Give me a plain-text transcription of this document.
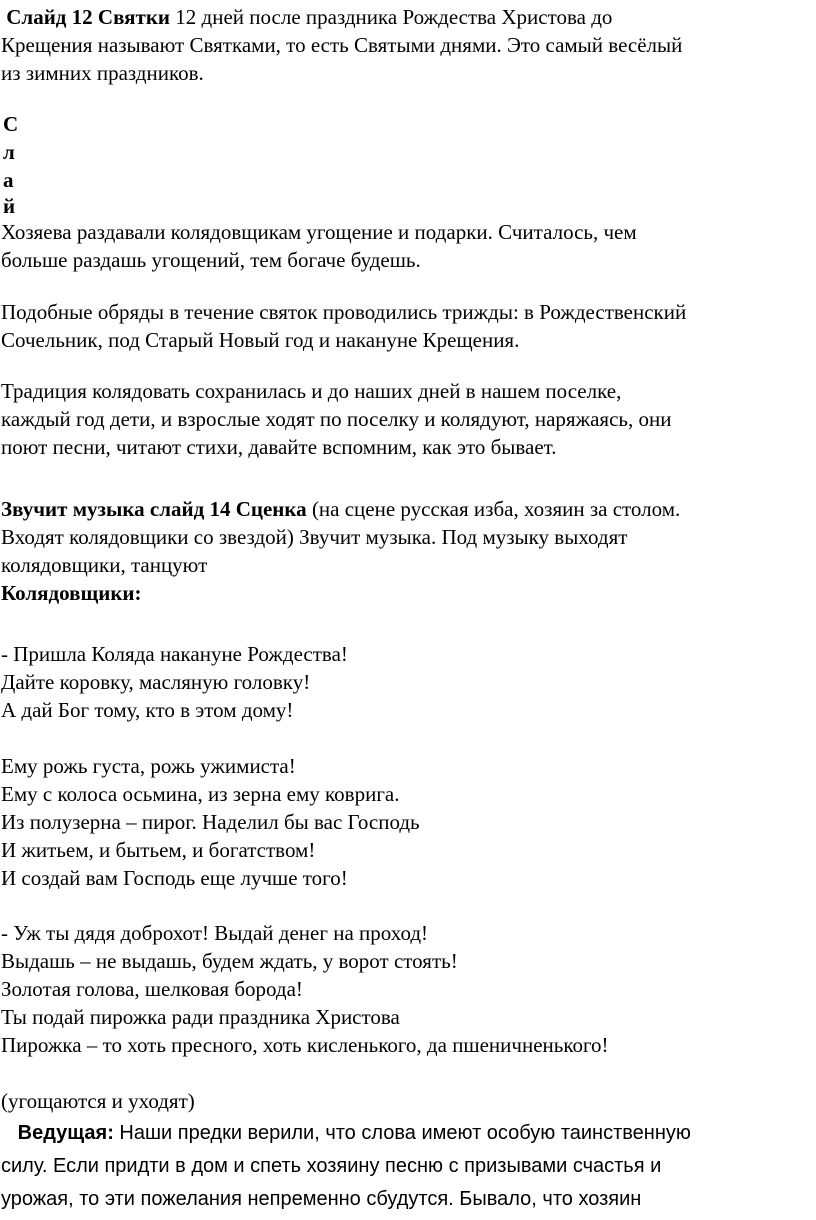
Слайд 12 Святки 12 дней после праздника Рождества Христова до
Крещения называют Святками, то есть Святыми днями. Это самый весёлый
из зимних праздников.
С
л
а
й
Хозяева раздавали колядовщикам угощение и подарки. Считалось, чем
больше раздашь угощений, тем богаче будешь.
Подобные обряды в течение святок проводились трижды: в Рождественский
Сочельник, под Старый Новый год и накануне Крещения.
Традиция колядовать сохранилась и до наших дней в нашем поселке,
каждый год дети, и взрослые ходят по поселку и колядуют, наряжаясь, они
поют песни, читают стихи, давайте вспомним, как это бывает.
Звучит музыка слайд 14 Сценка (на сцене русская изба, хозяин за столом.
Входят колядовщики со звездой) Звучит музыка. Под музыку выходят
колядовщики, танцуют
Колядовщики:
- Пришла Коляда накануне Рождества!
Дайте коровку, масляную головку!
А дай Бог тому, кто в этом дому!
Ему рожь густа, рожь ужимиста!
Ему с колоса осьмина, из зерна ему коврига.
Из полузерна – пирог. Наделил бы вас Господь
И житьем, и бытьем, и богатством!
И создай вам Господь еще лучше того!
- Уж ты дядя доброхот! Выдай денег на проход!
Выдашь – не выдашь, будем ждать, у ворот стоять!
Золотая голова, шелковая борода!
Ты подай пирожка ради праздника Христова
Пирожка – то хоть пресного, хоть кисленького, да пшеничненького!
(угощаются и уходят)
Ведущая: Наши предки верили, что слова имеют особую таинственную
силу. Если придти в дом и спеть хозяину песню с призывами счастья и
урожая, то эти пожелания непременно сбудутся. Бывало, что хозяин
